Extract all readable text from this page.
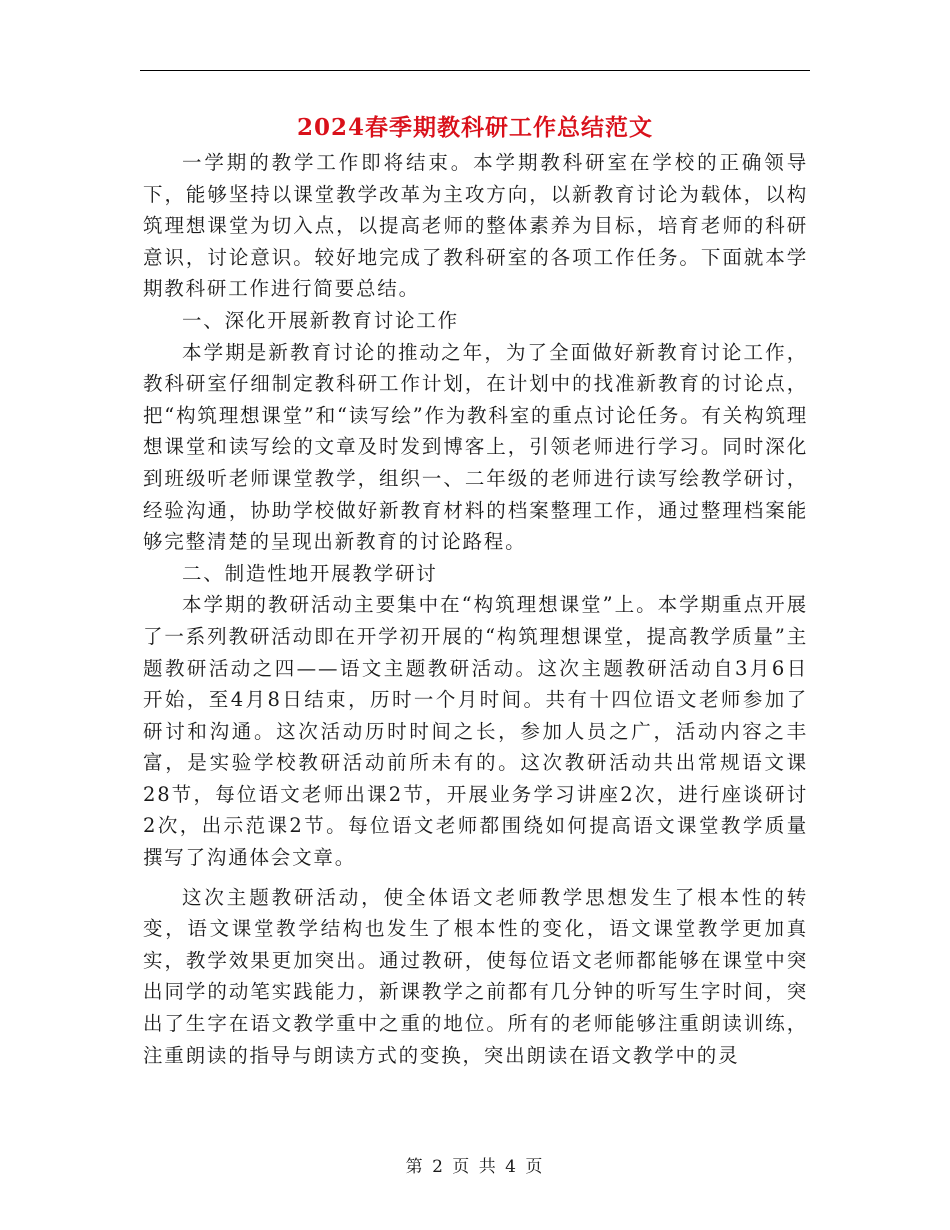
2024春季期教科研工作总结范文

一学期的教学工作即将结束。本学期教科研室在学校的正确领导下，能够坚持以课堂教学改革为主攻方向，以新教育讨论为载体，以构筑理想课堂为切入点，以提高老师的整体素养为目标，培育老师的科研意识，讨论意识。较好地完成了教科研室的各项工作任务。下面就本学期教科研工作进行简要总结。

一、深化开展新教育讨论工作

本学期是新教育讨论的推动之年，为了全面做好新教育讨论工作，教科研室仔细制定教科研工作计划，在计划中的找准新教育的讨论点，把“构筑理想课堂”和“读写绘”作为教科室的重点讨论任务。有关构筑理想课堂和读写绘的文章及时发到博客上，引领老师进行学习。同时深化到班级听老师课堂教学，组织一、二年级的老师进行读写绘教学研讨，经验沟通，协助学校做好新教育材料的档案整理工作，通过整理档案能够完整清楚的呈现出新教育的讨论路程。

二、制造性地开展教学研讨

本学期的教研活动主要集中在“构筑理想课堂”上。本学期重点开展了一系列教研活动即在开学初开展的“构筑理想课堂，提高教学质量”主题教研活动之四——语文主题教研活动。这次主题教研活动自3月6日开始，至4月8日结束，历时一个月时间。共有十四位语文老师参加了研讨和沟通。这次活动历时时间之长，参加人员之广，活动内容之丰富，是实验学校教研活动前所未有的。这次教研活动共出常规语文课28节，每位语文老师出课2节，开展业务学习讲座2次，进行座谈研讨2次，出示范课2节。每位语文老师都围绕如何提高语文课堂教学质量撰写了沟通体会文章。

这次主题教研活动，使全体语文老师教学思想发生了根本性的转变，语文课堂教学结构也发生了根本性的变化，语文课堂教学更加真实，教学效果更加突出。通过教研，使每位语文老师都能够在课堂中突出同学的动笔实践能力，新课教学之前都有几分钟的听写生字时间，突出了生字在语文教学重中之重的地位。所有的老师能够注重朗读训练，注重朗读的指导与朗读方式的变换，突出朗读在语文教学中的灵

第 2 页 共 4 页
